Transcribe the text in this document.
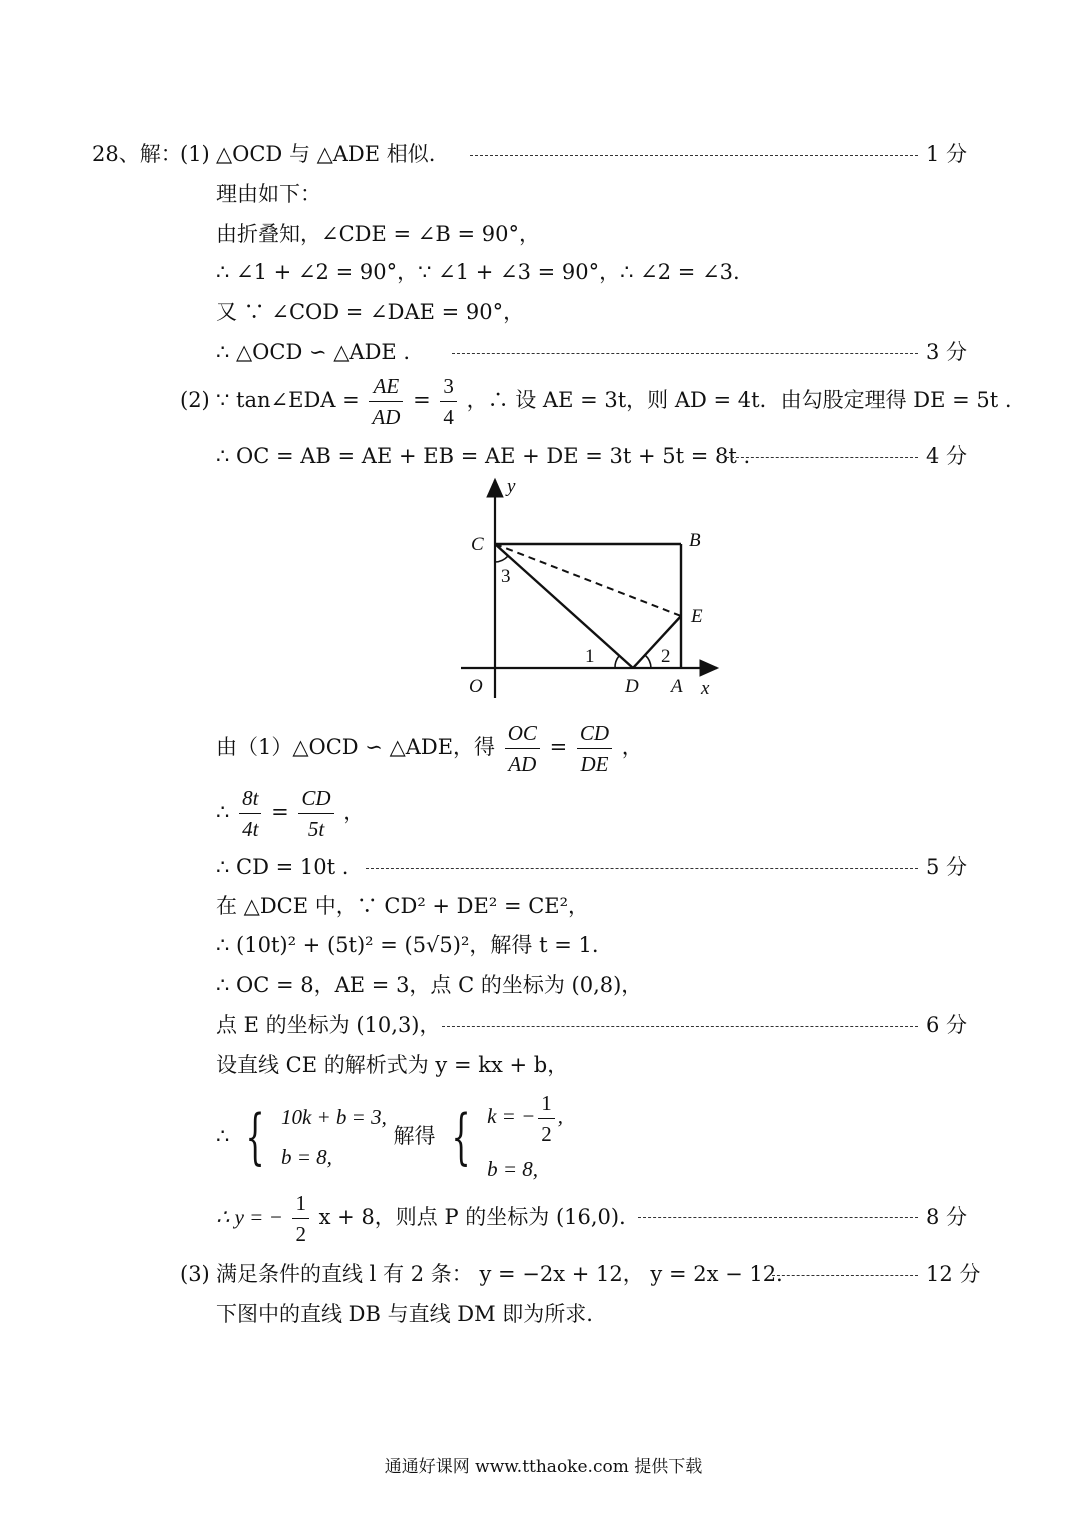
28、解：
(1) △OCD 与 △ADE 相似.	1 分
理由如下：
由折叠知，∠CDE = ∠B = 90°，
∴ ∠1 + ∠2 = 90°，∵ ∠1 + ∠3 = 90°，∴ ∠2 = ∠3.
又 ∵ ∠COD = ∠DAE = 90°，
∴ △OCD ∽ △ADE .	3 分
(2) ∵ tan∠EDA = $\frac{AE}{AD} = \frac{3}{4}$ ，∴ 设 AE = 3t，则 AD = 4t．由勾股定理得 DE = 5t .
∴ OC = AB = AE + EB = AE + DE = 3t + 5t = 8t .	4 分
y
x
O
C	B
E
D A
1	2
3
由（1）△OCD ∽ △ADE，得 $\frac{OC}{AD} = \frac{CD}{DE}$ ，
∴ $\frac{8t}{4t} = \frac{CD}{5t}$ ，
∴ CD = 10t .	5 分
在 △DCE 中，∵ CD² + DE² = CE²，
∴ (10t)² + (5t)² = (5√5)²，解得 t = 1.
∴ OC = 8，AE = 3，点 C 的坐标为 (0,8)，
点 E 的坐标为 (10,3)，	6 分
设直线 CE 的解析式为 y = kx + b，
∴ { 10k + b = 3,
b = 8,
解得 { k = − $\frac{1}{2}$ ,
b = 8,
∴ y = − $\frac{1}{2}$ x + 8，则点 P 的坐标为 (16,0)．	8 分
(3) 满足条件的直线 l 有 2 条： y = −2x + 12， y = 2x − 12．	12 分
下图中的直线 DB 与直线 DM 即为所求.
通通好课网 www.tthaoke.com 提供下载
